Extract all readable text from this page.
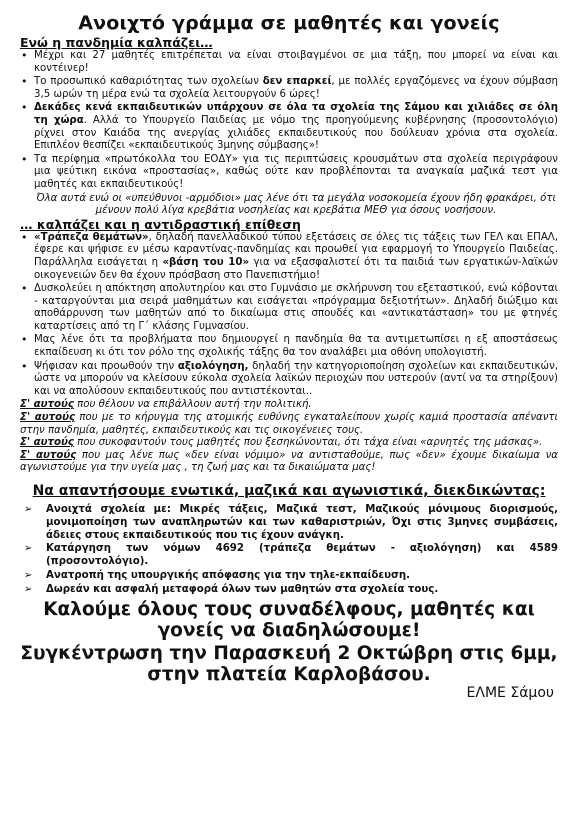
Ανοιχτό γράμμα σε μαθητές και γονείς

Ενώ η πανδημία καλπάζει…

• Μέχρι και 27 μαθητές επιτρέπεται να είναι στοιβαγμένοι σε μια τάξη, που μπορεί να είναι και κοντέινερ!
• Το προσωπικό καθαριότητας των σχολείων δεν επαρκεί, με πολλές εργαζόμενες να έχουν σύμβαση 3,5 ωρών τη μέρα ενώ τα σχολεία λειτουργούν 6 ώρες!
• Δεκάδες κενά εκπαιδευτικών υπάρχουν σε όλα τα σχολεία της Σάμου και χιλιάδες σε όλη τη χώρα. Αλλά το Υπουργείο Παιδείας με νόμο της προηγούμενης κυβέρνησης (προσοντολόγιο) ρίχνει στον Καιάδα της ανεργίας χιλιάδες εκπαιδευτικούς που δούλευαν χρόνια στα σχολεία. Επιπλέον θεσπίζει «εκπαιδευτικούς 3μηνης σύμβασης»!
• Τα περίφημα «πρωτόκολλα του ΕΟΔΥ» για τις περιπτώσεις κρουσμάτων στα σχολεία περιγράφουν μια ψεύτικη εικόνα «προστασίας», καθώς ούτε καν προβλέπονται τα αναγκαία μαζικά τεστ για μαθητές και εκπαιδευτικούς!

Όλα αυτά ενώ οι «υπεύθυνοι -αρμόδιοι» μας λένε ότι τα μεγάλα νοσοκομεία έχουν ήδη φρακάρει, ότι μένουν πολύ λίγα κρεβάτια νοσηλείας και κρεβάτια ΜΕΘ για όσους νοσήσουν.

… καλπάζει και η αντιδραστική επίθεση

• «Τράπεζα θεμάτων», δηλαδή πανελλαδικού τύπου εξετάσεις σε όλες τις τάξεις των ΓΕΛ και ΕΠΑΛ, έφερε και ψήφισε εν μέσω καραντίνας-πανδημίας και προωθεί για εφαρμογή το Υπουργείο Παιδείας. Παράλληλα εισάγεται η «βάση του 10» για να εξασφαλιστεί ότι τα παιδιά των εργατικών-λαϊκών οικογενειών δεν θα έχουν πρόσβαση στο Πανεπιστήμιο!
• Δυσκολεύει η απόκτηση απολυτηρίου και στο Γυμνάσιο με σκλήρυνση του εξεταστικού, ενώ κόβονται - καταργούνται μια σειρά μαθημάτων και εισάγεται «πρόγραμμα δεξιοτήτων». Δηλαδή διώξιμο και αποθάρρυνση των μαθητών από το δικαίωμα στις σπουδές και «αντικατάσταση» του με φτηνές καταρτίσεις από τη Γ΄ κλάσης Γυμνασίου.
• Μας λένε ότι τα προβλήματα που δημιουργεί η πανδημία θα τα αντιμετωπίσει η εξ αποστάσεως εκπαίδευση κι ότι τον ρόλο της σχολικής τάξης θα τον αναλάβει μια οθόνη υπολογιστή.
• Ψήφισαν και προωθούν την αξιολόγηση, δηλαδή την κατηγοριοποίηση σχολείων και εκπαιδευτικών, ώστε να μπορούν να κλείσουν εύκολα σχολεία λαϊκών περιοχών που υστερούν (αντί να τα στηρίξουν) και να απολύσουν εκπαιδευτικούς που αντιστέκονται..

Σ' αυτούς που θέλουν να επιβάλλουν αυτή την πολιτική.

Σ' αυτούς που με το κήρυγμα της ατομικής ευθύνης εγκαταλείπουν χωρίς καμιά προστασία απέναντι στην πανδημία, μαθητές, εκπαιδευτικούς και τις οικογένειες τους.

Σ' αυτούς που συκοφαντούν τους μαθητές που ξεσηκώνονται, ότι τάχα είναι «αρνητές της μάσκας».

Σ' αυτούς που μας λένε πως «δεν είναι νόμιμο» να αντισταθούμε, πως «δεν» έχουμε δικαίωμα να αγωνιστούμε για την υγεία μας , τη ζωή μας και τα δικαιώματα μας!

Να απαντήσουμε ενωτικά, μαζικά και αγωνιστικά, διεκδικώντας:

➢ Ανοιχτά σχολεία με: Μικρές τάξεις, Μαζικά τεστ, Μαζικούς μόνιμους διορισμούς, μονιμοποίηση των αναπληρωτών και των καθαριστριών, Όχι στις 3μηνες συμβάσεις, άδειες στους εκπαιδευτικούς που τις έχουν ανάγκη.
➢ Κατάργηση των νόμων 4692 (τράπεζα θεμάτων - αξιολόγηση) και 4589 (προσοντολόγιο).
➢ Ανατροπή της υπουργικής απόφασης για την τηλε-εκπαίδευση.
➢ Δωρεάν και ασφαλή μεταφορά όλων των μαθητών στα σχολεία τους.

Καλούμε όλους τους συναδέλφους, μαθητές και γονείς να διαδηλώσουμε!

Συγκέντρωση την Παρασκευή 2 Οκτώβρη στις 6μμ, στην πλατεία Καρλοβάσου.

ΕΛΜΕ Σάμου
